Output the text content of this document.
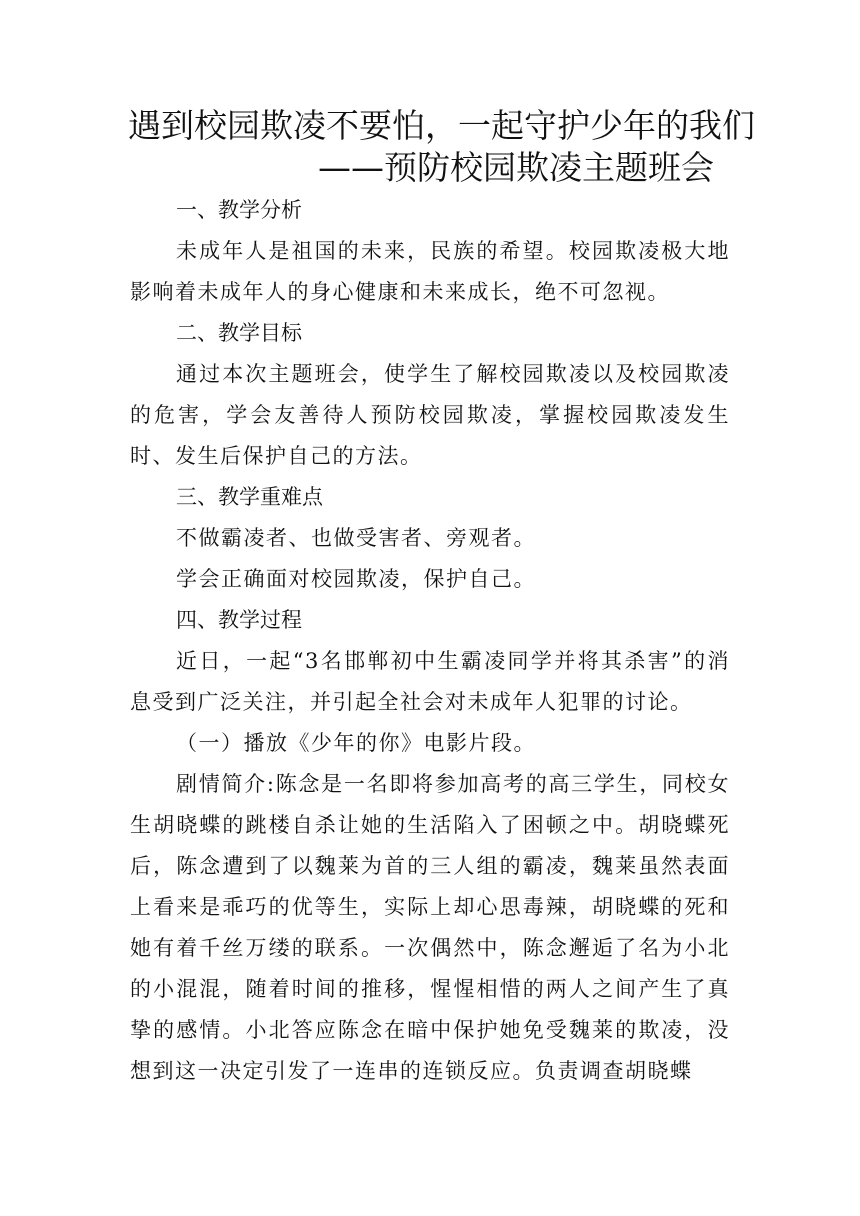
遇到校园欺凌不要怕，一起守护少年的我们
——预防校园欺凌主题班会
一、教学分析

未成年人是祖国的未来，民族的希望。校园欺凌极大地影响着未成年人的身心健康和未来成长，绝不可忽视。

二、教学目标

通过本次主题班会，使学生了解校园欺凌以及校园欺凌的危害，学会友善待人预防校园欺凌，掌握校园欺凌发生时、发生后保护自己的方法。

三、教学重难点

不做霸凌者、也做受害者、旁观者。

学会正确面对校园欺凌，保护自己。

四、教学过程

近日，一起“3名邯郸初中生霸凌同学并将其杀害”的消息受到广泛关注，并引起全社会对未成年人犯罪的讨论。

（一）播放《少年的你》电影片段。

剧情简介:陈念是一名即将参加高考的高三学生，同校女生胡晓蝶的跳楼自杀让她的生活陷入了困顿之中。胡晓蝶死后，陈念遭到了以魏莱为首的三人组的霸凌，魏莱虽然表面上看来是乖巧的优等生，实际上却心思毒辣，胡晓蝶的死和她有着千丝万缕的联系。一次偶然中，陈念邂逅了名为小北的小混混，随着时间的推移，惺惺相惜的两人之间产生了真挚的感情。小北答应陈念在暗中保护她免受魏莱的欺凌，没想到这一决定引发了一连串的连锁反应。负责调查胡晓蝶
